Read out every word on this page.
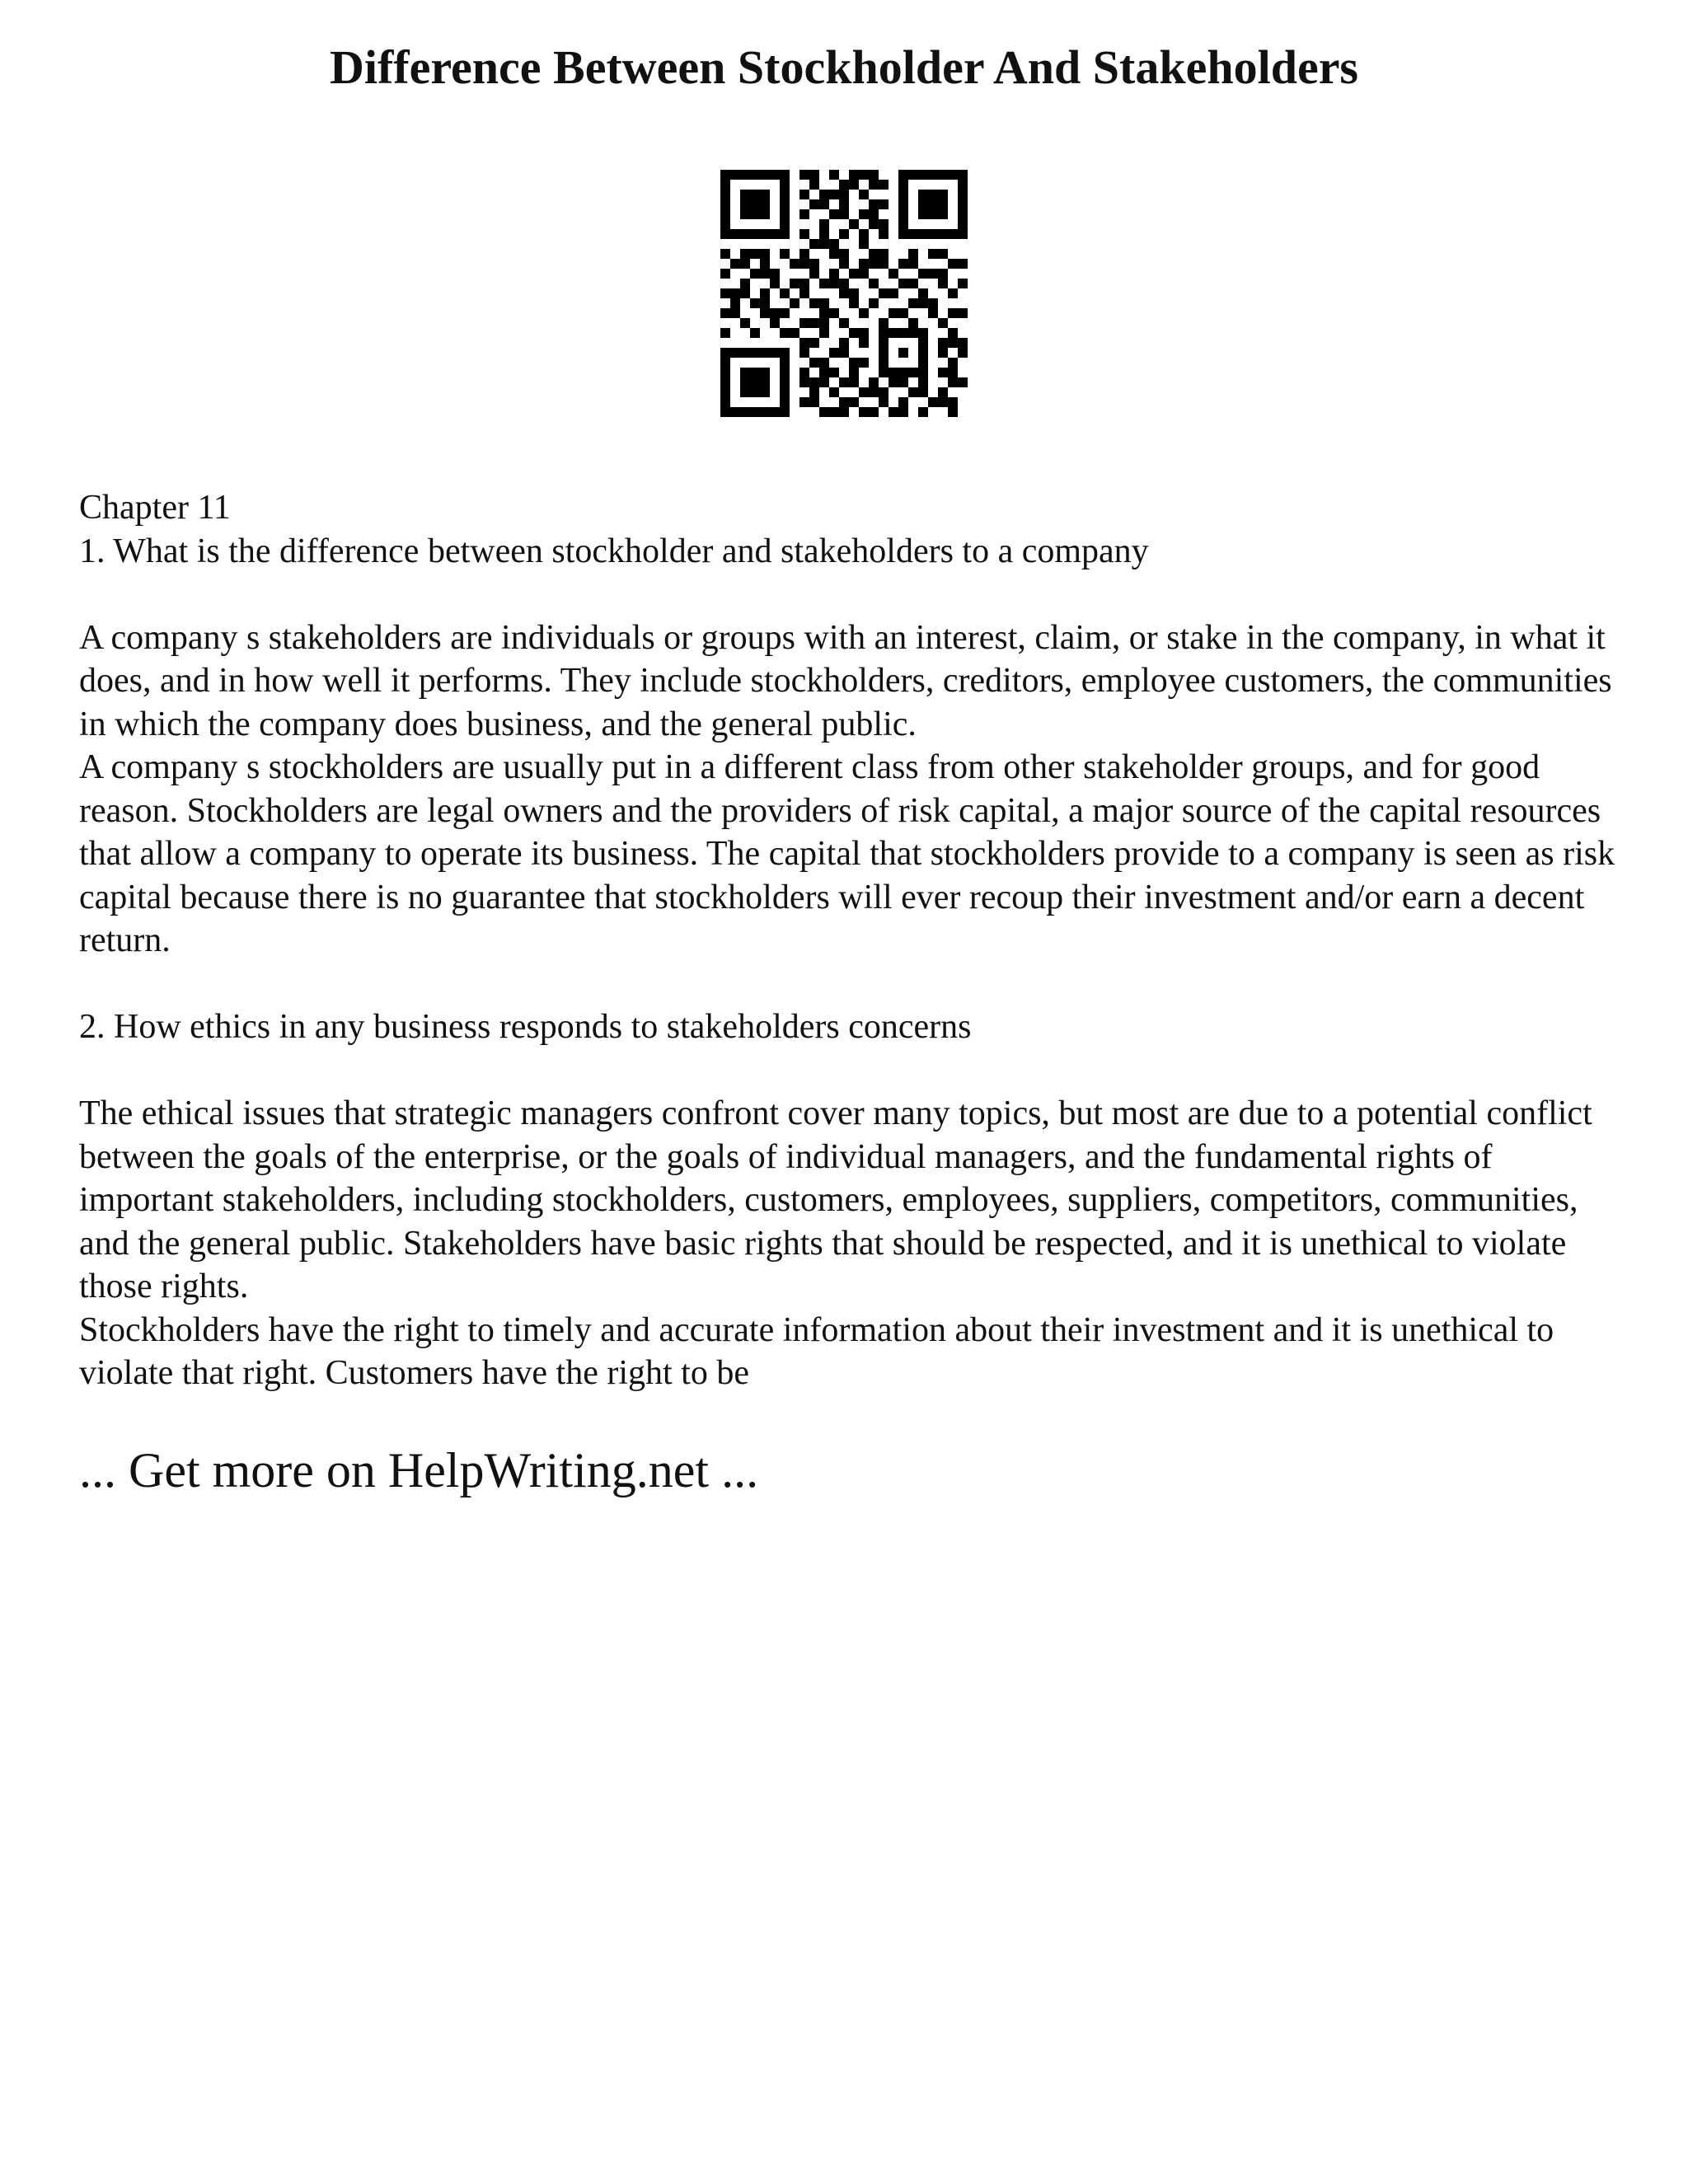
Difference Between Stockholder And Stakeholders

Chapter 11

1. What is the difference between stockholder and stakeholders to a company

A company s stakeholders are individuals or groups with an interest, claim, or stake in the company, in what it does, and in how well it performs. They include stockholders, creditors, employee customers, the communities in which the company does business, and the general public.

A company s stockholders are usually put in a different class from other stakeholder groups, and for good reason. Stockholders are legal owners and the providers of risk capital, a major source of the capital resources that allow a company to operate its business. The capital that stockholders provide to a company is seen as risk capital because there is no guarantee that stockholders will ever recoup their investment and/or earn a decent return.

2. How ethics in any business responds to stakeholders concerns

The ethical issues that strategic managers confront cover many topics, but most are due to a potential conflict between the goals of the enterprise, or the goals of individual managers, and the fundamental rights of important stakeholders, including stockholders, customers, employees, suppliers, competitors, communities, and the general public. Stakeholders have basic rights that should be respected, and it is unethical to violate those rights.

Stockholders have the right to timely and accurate information about their investment and it is unethical to violate that right. Customers have the right to be

... Get more on HelpWriting.net ...
